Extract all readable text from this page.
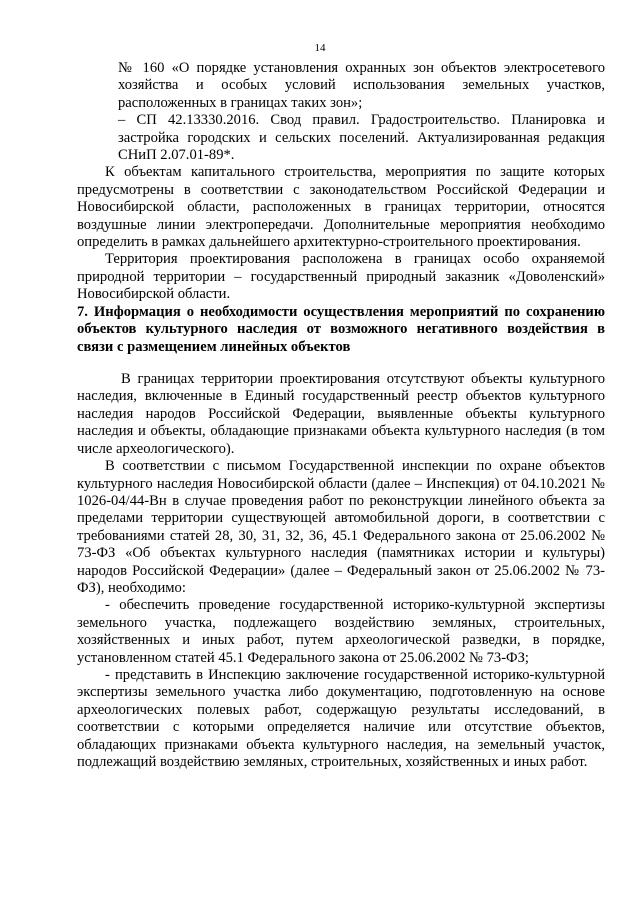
14

№ 160 «О порядке установления охранных зон объектов электросетевого хозяйства и особых условий использования земельных участков, расположенных в границах таких зон»;

– СП 42.13330.2016. Свод правил. Градостроительство. Планировка и застройка городских и сельских поселений. Актуализированная редакция СНиП 2.07.01-89*.

К объектам капитального строительства, мероприятия по защите которых предусмотрены в соответствии с законодательством Российской Федерации и Новосибирской области, расположенных в границах территории, относятся воздушные линии электропередачи. Дополнительные мероприятия необходимо определить в рамках дальнейшего архитектурно-строительного проектирования.

Территория проектирования расположена в границах особо охраняемой природной территории – государственный природный заказник «Доволенский» Новосибирской области.

7. Информация о необходимости осуществления мероприятий по сохранению объектов культурного наследия от возможного негативного воздействия в связи с размещением линейных объектов

В границах территории проектирования отсутствуют объекты культурного наследия, включенные в Единый государственный реестр объектов культурного наследия народов Российской Федерации, выявленные объекты культурного наследия и объекты, обладающие признаками объекта культурного наследия (в том числе археологического).

В соответствии с письмом Государственной инспекции по охране объектов культурного наследия Новосибирской области (далее – Инспекция) от 04.10.2021 № 1026-04/44-Вн в случае проведения работ по реконструкции линейного объекта за пределами территории существующей автомобильной дороги, в соответствии с требованиями статей 28, 30, 31, 32, 36, 45.1 Федерального закона от 25.06.2002 № 73-ФЗ «Об объектах культурного наследия (памятниках истории и культуры) народов Российской Федерации» (далее – Федеральный закон от 25.06.2002 № 73-ФЗ), необходимо:

- обеспечить проведение государственной историко-культурной экспертизы земельного участка, подлежащего воздействию земляных, строительных, хозяйственных и иных работ, путем археологической разведки, в порядке, установленном статей 45.1 Федерального закона от 25.06.2002 № 73-ФЗ;

- представить в Инспекцию заключение государственной историко-культурной экспертизы земельного участка либо документацию, подготовленную на основе археологических полевых работ, содержащую результаты исследований, в соответствии с которыми определяется наличие или отсутствие объектов, обладающих признаками объекта культурного наследия, на земельный участок, подлежащий воздействию земляных, строительных, хозяйственных и иных работ.
